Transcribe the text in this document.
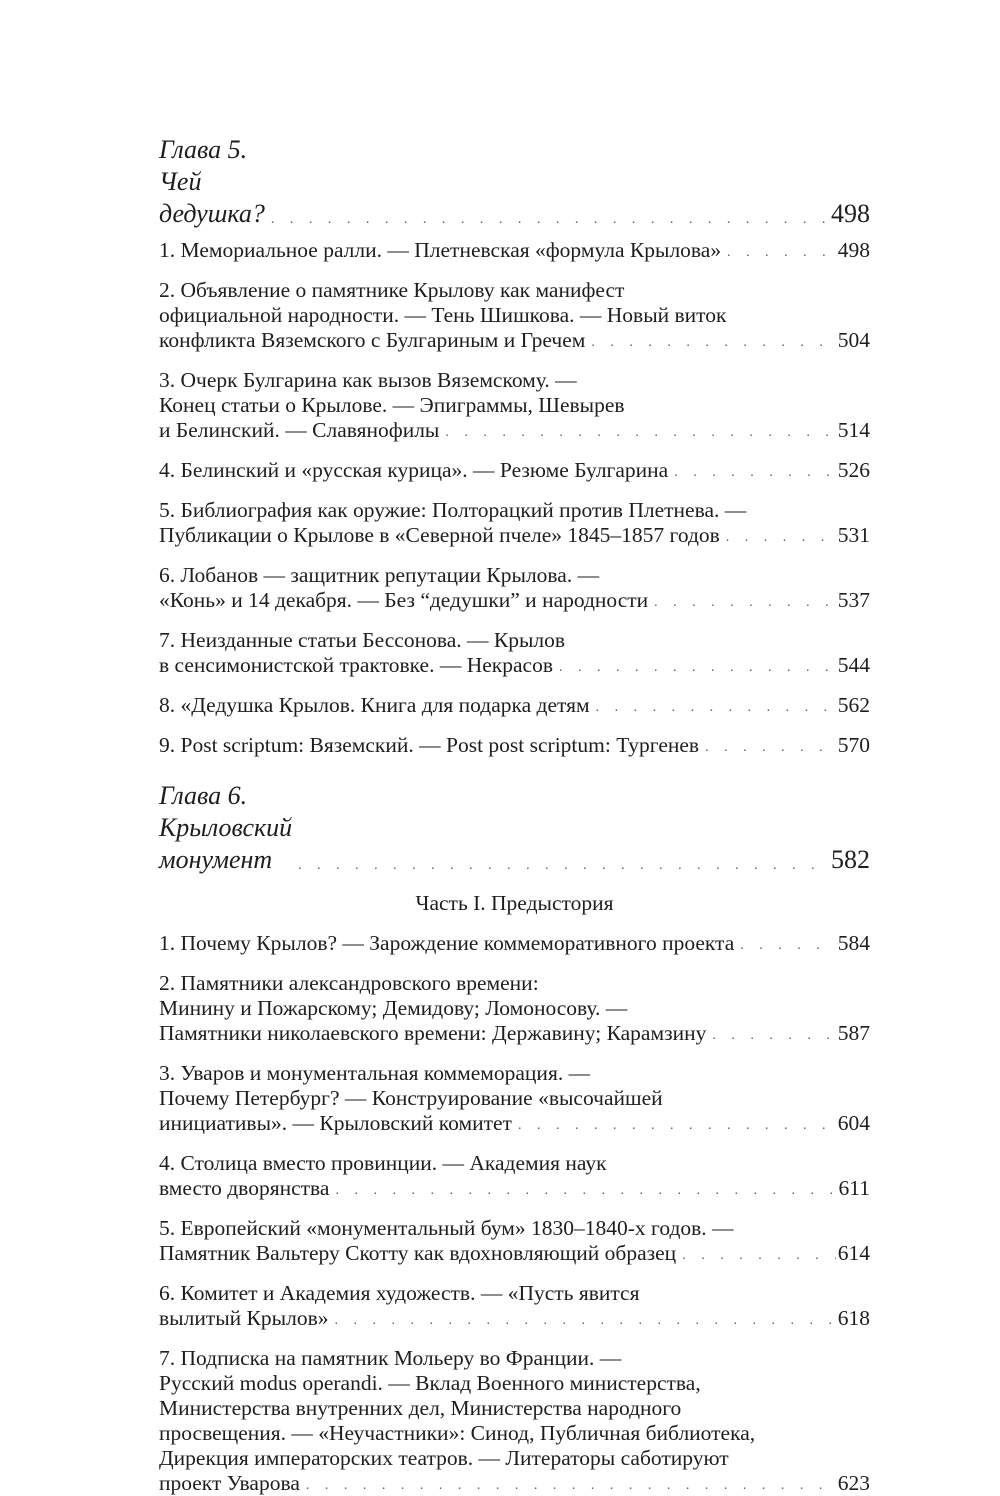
Глава 5. Чей дедушка? . . .	498
1. Мемориальное ралли. — Плетневская «формула Крылова» . . .	498
2. Объявление о памятнике Крылову как манифест
официальной народности. — Тень Шишкова. — Новый виток
конфликта Вяземского с Булгариным и Гречем . . .	504
3. Очерк Булгарина как вызов Вяземскому. —
Конец статьи о Крылове. — Эпиграммы, Шевырев
и Белинский. — Славянофилы . . .	514
4. Белинский и «русская курица». — Резюме Булгарина . . .	526
5. Библиография как оружие: Полторацкий против Плетнева. —
Публикации о Крылове в «Северной пчеле» 1845–1857 годов . . .	531
6. Лобанов — защитник репутации Крылова. —
«Конь» и 14 декабря. — Без “дедушки” и народности . . .	537
7. Неизданные статьи Бессонова. — Крылов
в сенсимонистской трактовке. — Некрасов . . .	544
8. «Дедушка Крылов. Книга для подарка детям . . .	562
9. Post scriptum: Вяземский. — Post post scriptum: Тургенев . . .	570
Глава 6. Крыловский монумент . . .	582
Часть I. Предыстория
1. Почему Крылов? — Зарождение коммеморативного проекта . . .	584
2. Памятники александровского времени:
Минину и Пожарскому; Демидову; Ломоносову. —
Памятники николаевского времени: Державину; Карамзину . . .	587
3. Уваров и монументальная коммеморация. —
Почему Петербург? — Конструирование «высочайшей
инициативы». — Крыловский комитет . . .	604
4. Столица вместо провинции. — Академия наук
вместо дворянства . . .	611
5. Европейский «монументальный бум» 1830–1840-х годов. —
Памятник Вальтеру Скотту как вдохновляющий образец . . .	614
6. Комитет и Академия художеств. — «Пусть явится
вылитый Крылов» . . .	618
7. Подписка на памятник Мольеру во Франции. —
Русский modus operandi. — Вклад Военного министерства,
Министерства внутренних дел, Министерства народного
просвещения. — «Неучастники»: Синод, Публичная библиотека,
Дирекция императорских театров. — Литераторы саботируют
проект Уварова . . .	623
